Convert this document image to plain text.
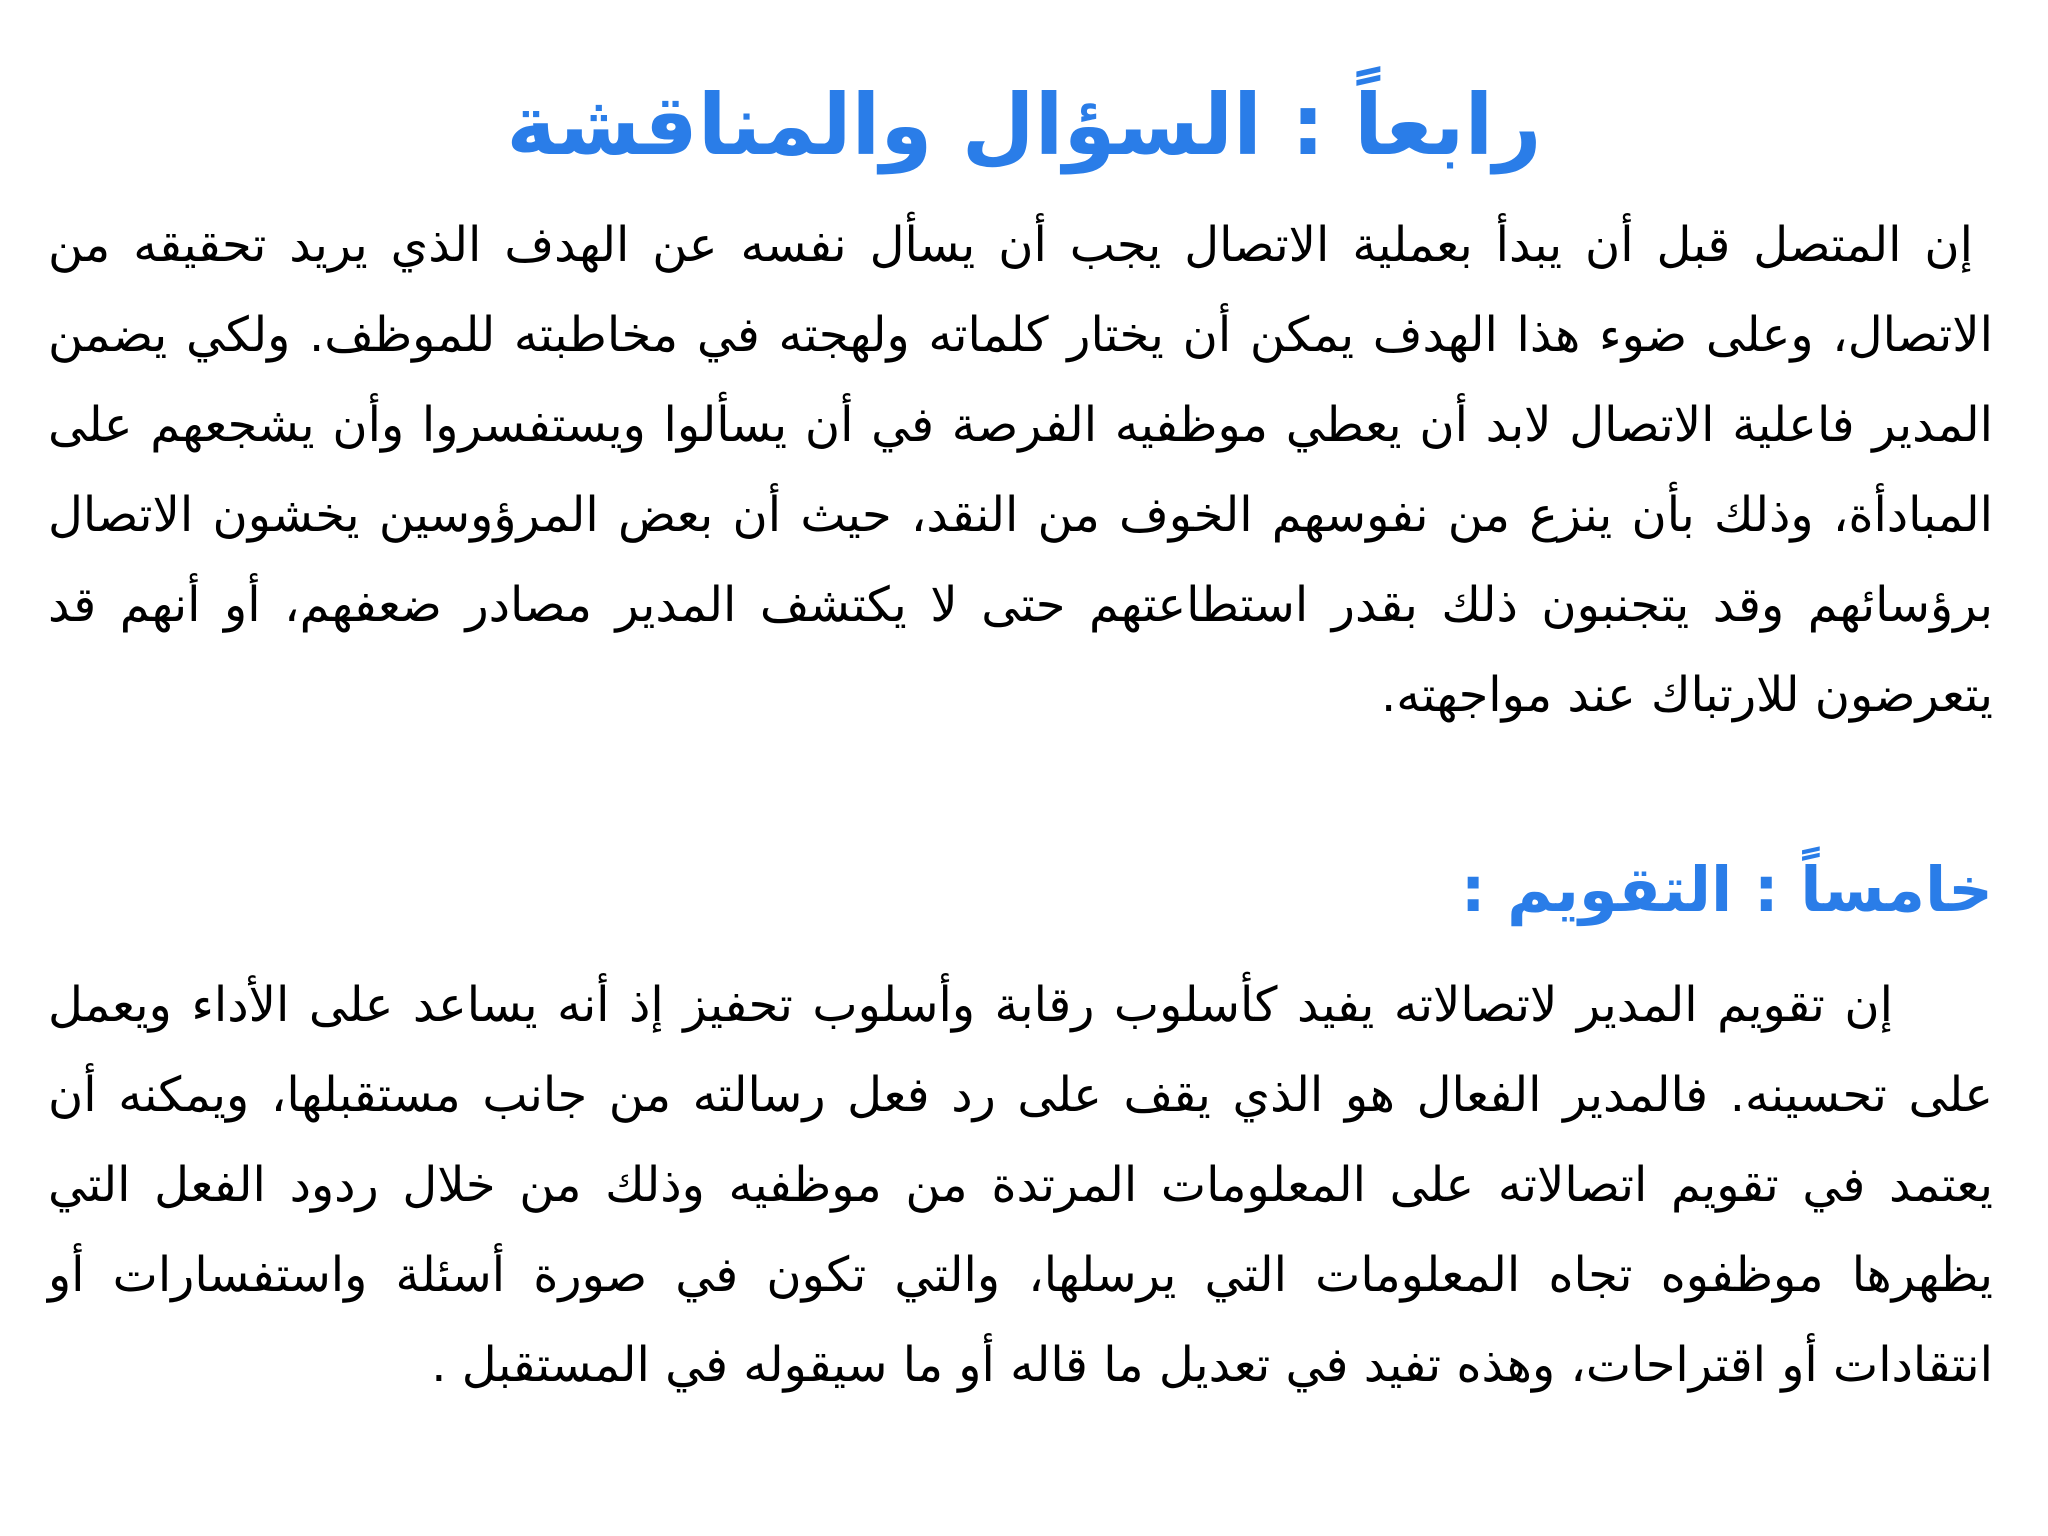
رابعاً : السؤال والمناقشة

إن المتصل قبل أن يبدأ بعملية الاتصال يجب أن يسأل نفسه عن الهدف الذي يريد تحقيقه من الاتصال، وعلى ضوء هذا الهدف يمكن أن يختار كلماته ولهجته في مخاطبته للموظف. ولكي يضمن المدير فاعلية الاتصال لابد أن يعطي موظفيه الفرصة في أن يسألوا ويستفسروا وأن يشجعهم على المبادأة، وذلك بأن ينزع من نفوسهم الخوف من النقد، حيث أن بعض المرؤوسين يخشون الاتصال برؤسائهم وقد يتجنبون ذلك بقدر استطاعتهم حتى لا يكتشف المدير مصادر ضعفهم، أو أنهم قد يتعرضون للارتباك عند مواجهته.

خامساً : التقويم :

إن تقويم المدير لاتصالاته يفيد كأسلوب رقابة وأسلوب تحفيز إذ أنه يساعد على الأداء ويعمل على تحسينه. فالمدير الفعال هو الذي يقف على رد فعل رسالته من جانب مستقبلها، ويمكنه أن يعتمد في تقويم اتصالاته على المعلومات المرتدة من موظفيه وذلك من خلال ردود الفعل التي يظهرها موظفوه تجاه المعلومات التي يرسلها، والتي تكون في صورة أسئلة واستفسارات أو انتقادات أو اقتراحات، وهذه تفيد في تعديل ما قاله أو ما سيقوله في المستقبل .
